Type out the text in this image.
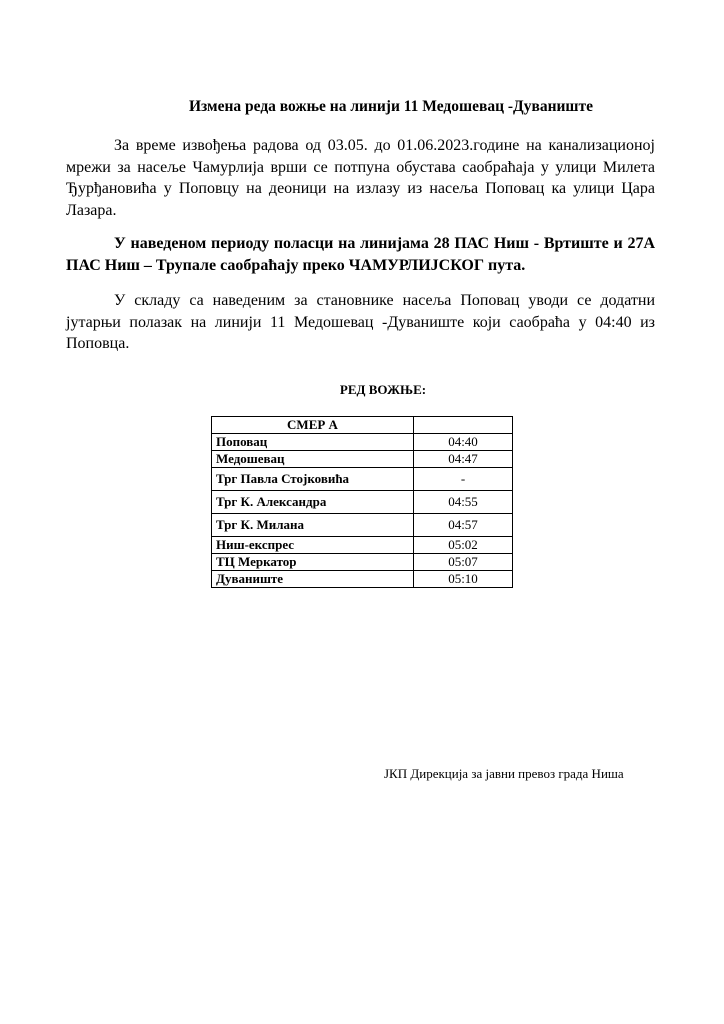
Измена реда вожње на линији 11 Медошевац -Дуваниште

За време извођења радова од 03.05. до 01.06.2023.године на канализационој мрежи за насеље Чамурлија врши се потпуна обустава саобраћаја у улици Милета Ђурђановића у Поповцу на деоници на излазу из насеља Поповац ка улици Цара Лазара.

У наведеном периоду поласци на линијама 28 ПАС Ниш - Вртиште и 27А ПАС Ниш – Трупале саобраћају преко ЧАМУРЛИЈСКОГ пута.

У складу са наведеним за становнике насеља Поповац уводи се додатни јутарњи полазак на линији 11 Медошевац -Дуваниште који саобраћа у 04:40 из Поповца.

РЕД ВОЖЊЕ:
СМЕР А	
Поповац	04:40
Медошевац	04:47
Трг Павла Стојковића	-
Трг К. Александра	04:55
Трг К. Милана	04:57
Ниш-експрес	05:02
ТЦ Меркатор	05:07
Дуваниште	05:10
ЈКП Дирекција за јавни превоз града Ниша
